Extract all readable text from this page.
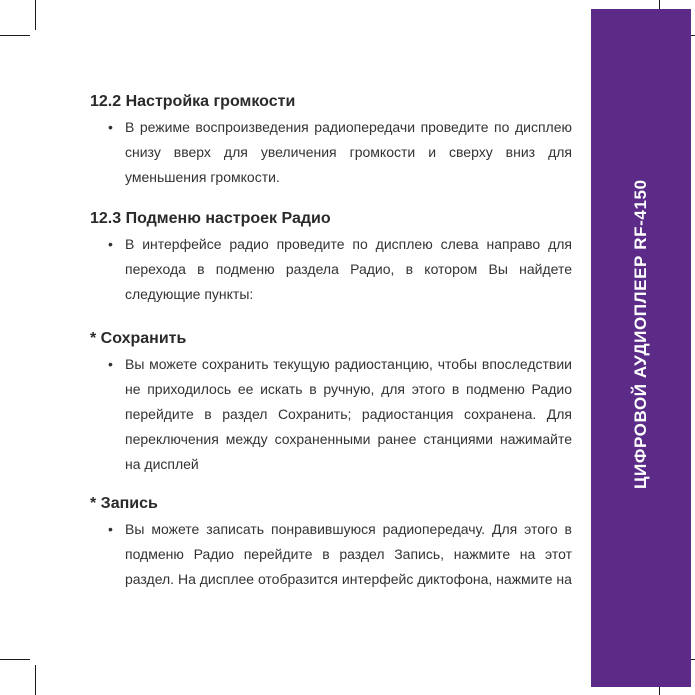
ЦИФРОВОЙ АУДИОПЛЕЕР RF-4150
12.2 Настройка громкости
• В режиме воспроизведения радиопередачи проведите по дисплею снизу вверх для увеличения громкости и сверху вниз для уменьшения громкости.
12.3 Подменю настроек Радио
• В интерфейсе радио проведите по дисплею слева направо для перехода в подменю раздела Радио, в котором Вы найдете следующие пункты:
* Сохранить
• Вы можете сохранить текущую радиостанцию, чтобы впоследствии не приходилось ее искать в ручную, для этого в подменю Радио перейдите в раздел Сохранить; радиостанция сохранена. Для переключения между сохраненными ранее станциями нажимайте на дисплей
* Запись
• Вы можете записать понравившуюся радиопередачу. Для этого в подменю Радио перейдите в раздел Запись, нажмите на этот раздел. На дисплее отобразится интерфейс диктофона, нажмите на
